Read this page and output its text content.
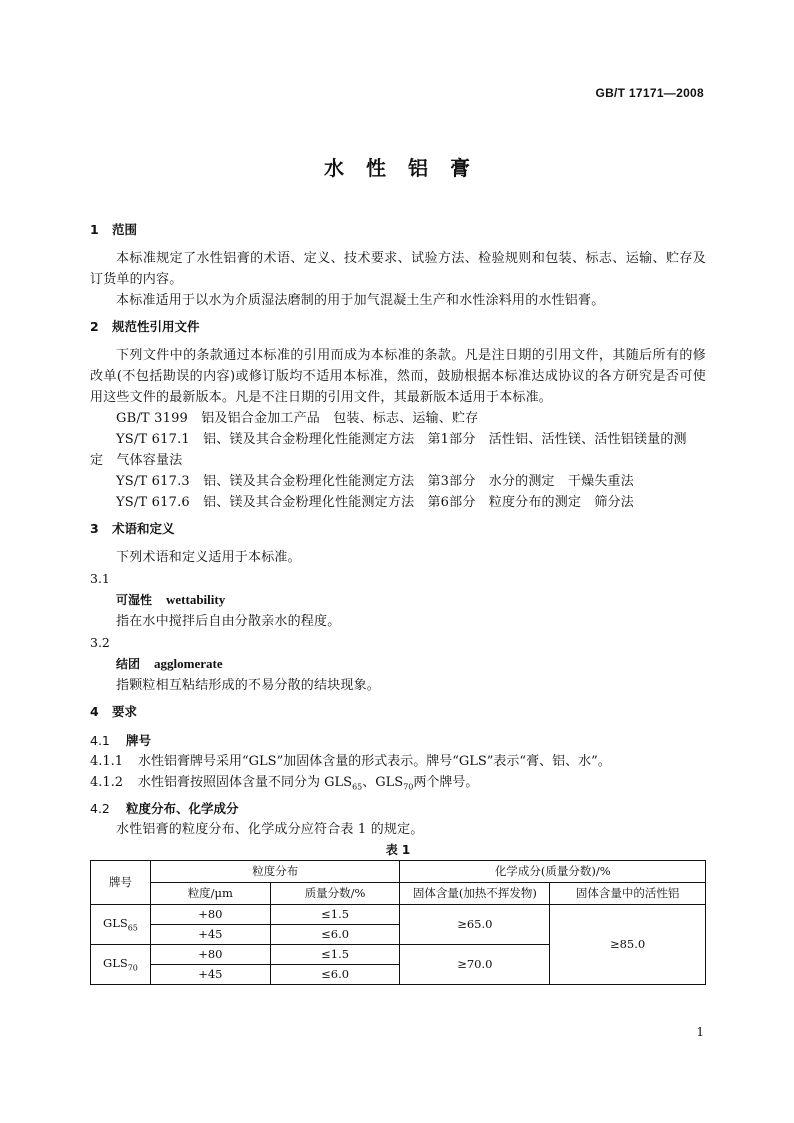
GB/T 17171—2008
水性铝膏
1 范围

本标准规定了水性铝膏的术语、定义、技术要求、试验方法、检验规则和包装、标志、运输、贮存及订货单的内容。

本标准适用于以水为介质湿法磨制的用于加气混凝土生产和水性涂料用的水性铝膏。

2 规范性引用文件

下列文件中的条款通过本标准的引用而成为本标准的条款。凡是注日期的引用文件，其随后所有的修改单(不包括勘误的内容)或修订版均不适用本标准，然而，鼓励根据本标准达成协议的各方研究是否可使用这些文件的最新版本。凡是不注日期的引用文件，其最新版本适用于本标准。

GB/T 3199　铝及铝合金加工产品　包装、标志、运输、贮存

YS/T 617.1　铝、镁及其合金粉理化性能测定方法　第1部分　活性铝、活性镁、活性铝镁量的测

定　气体容量法

YS/T 617.3　铝、镁及其合金粉理化性能测定方法　第3部分　水分的测定　干燥失重法

YS/T 617.6　铝、镁及其合金粉理化性能测定方法　第6部分　粒度分布的测定　筛分法

3 术语和定义

下列术语和定义适用于本标准。

3.1

可湿性 wettability

指在水中搅拌后自由分散亲水的程度。

3.2

结团 agglomerate

指颗粒相互粘结形成的不易分散的结块现象。

4 要求

4.1 牌号

4.1.1 水性铝膏牌号采用“GLS”加固体含量的形式表示。牌号“GLS”表示“膏、铝、水”。

4.1.2 水性铝膏按照固体含量不同分为 $GLS_{65}$、$GLS_{70}$两个牌号。

4.2 粒度分布、化学成分

水性铝膏的粒度分布、化学成分应符合表 1 的规定。

表 1

牌号	粒度分布		化学成分(质量分数)/%	
	粒度/μm	质量分数/%	固体含量(加热不挥发物)	固体含量中的活性铝
$GLS_{65}$	+80	≤1.5	≥65.0	≥85.0
	+45	≤6.0		
$GLS_{70}$	+80	≤1.5	≥70.0	
	+45	≤6.0		
1
